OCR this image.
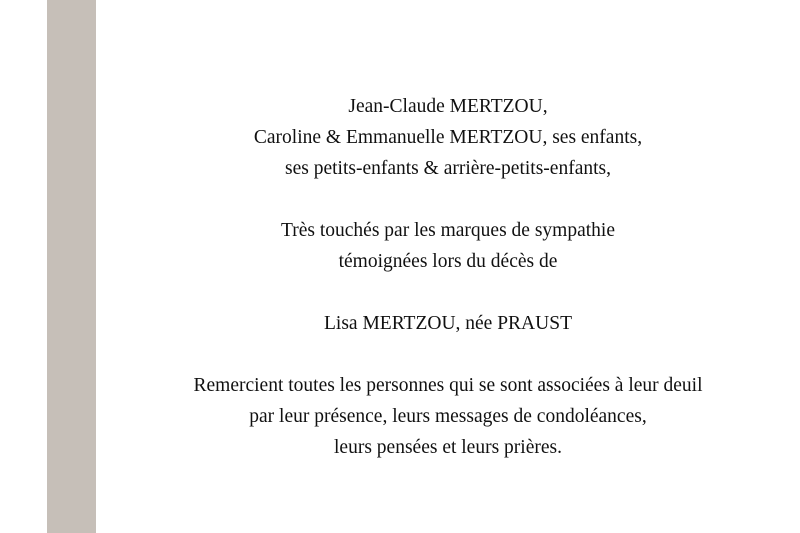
Jean-Claude MERTZOU,
Caroline & Emmanuelle MERTZOU, ses enfants,
ses petits-enfants & arrière-petits-enfants,
Très touchés par les marques de sympathie
témoignées lors du décès de
Lisa MERTZOU, née PRAUST
Remercient toutes les personnes qui se sont associées à leur deuil
par leur présence, leurs messages de condoléances,
leurs pensées et leurs prières.
